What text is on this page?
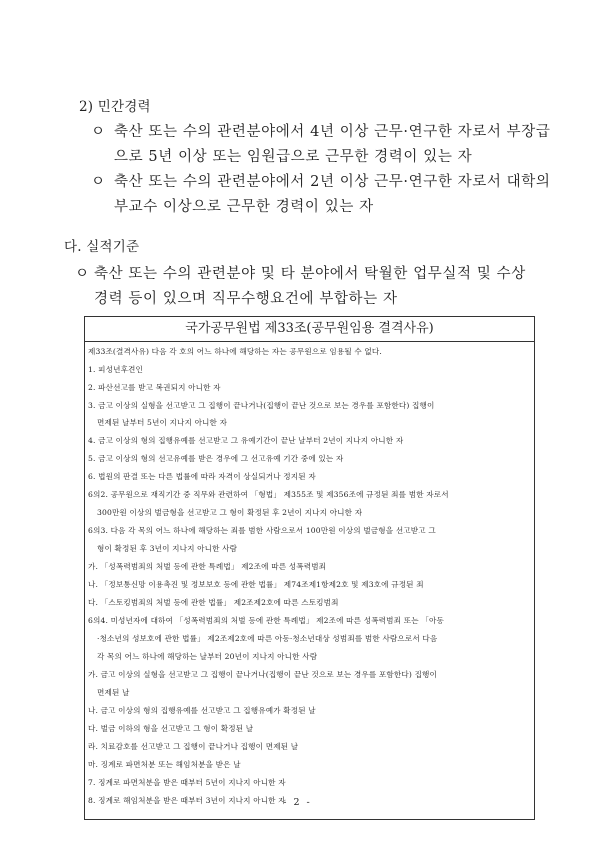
2) 민간경력
ㅇ 축산 또는 수의 관련분야에서 4년 이상 근무·연구한 자로서 부장급
으로 5년 이상 또는 임원급으로 근무한 경력이 있는 자
ㅇ 축산 또는 수의 관련분야에서 2년 이상 근무·연구한 자로서 대학의
부교수 이상으로 근무한 경력이 있는 자
다. 실적기준
ㅇ 축산 또는 수의 관련분야 및 타 분야에서 탁월한 업무실적 및 수상
경력 등이 있으며 직무수행요건에 부합하는 자
국가공무원법 제33조(공무원임용 결격사유)
제33조(결격사유) 다음 각 호의 어느 하나에 해당하는 자는 공무원으로 임용될 수 없다.
1. 피성년후견인
2. 파산선고를 받고 복권되지 아니한 자
3. 금고 이상의 실형을 선고받고 그 집행이 끝나거나(집행이 끝난 것으로 보는 경우를 포함한다) 집행이
면제된 날부터 5년이 지나지 아니한 자
4. 금고 이상의 형의 집행유예를 선고받고 그 유예기간이 끝난 날부터 2년이 지나지 아니한 자
5. 금고 이상의 형의 선고유예를 받은 경우에 그 선고유예 기간 중에 있는 자
6. 법원의 판결 또는 다른 법률에 따라 자격이 상실되거나 정지된 자
6의2. 공무원으로 재직기간 중 직무와 관련하여 「형법」 제355조 및 제356조에 규정된 죄를 범한 자로서
300만원 이상의 벌금형을 선고받고 그 형이 확정된 후 2년이 지나지 아니한 자
6의3. 다음 각 목의 어느 하나에 해당하는 죄를 범한 사람으로서 100만원 이상의 벌금형을 선고받고 그
형이 확정된 후 3년이 지나지 아니한 사람
가. 「성폭력범죄의 처벌 등에 관한 특례법」 제2조에 따른 성폭력범죄
나. 「정보통신망 이용촉진 및 정보보호 등에 관한 법률」 제74조제1항제2호 및 제3호에 규정된 죄
다. 「스토킹범죄의 처벌 등에 관한 법률」 제2조제2호에 따른 스토킹범죄
6의4. 미성년자에 대하여 「성폭력범죄의 처벌 등에 관한 특례법」 제2조에 따른 성폭력범죄 또는 「아동
·청소년의 성보호에 관한 법률」 제2조제2호에 따른 아동·청소년대상 성범죄를 범한 사람으로서 다음
각 목의 어느 하나에 해당하는 날부터 20년이 지나지 아니한 사람
가. 금고 이상의 실형을 선고받고 그 집행이 끝나거나(집행이 끝난 것으로 보는 경우를 포함한다) 집행이
면제된 날
나. 금고 이상의 형의 집행유예를 선고받고 그 집행유예가 확정된 날
다. 벌금 이하의 형을 선고받고 그 형이 확정된 날
라. 치료감호를 선고받고 그 집행이 끝나거나 집행이 면제된 날
마. 징계로 파면처분 또는 해임처분을 받은 날
7. 징계로 파면처분을 받은 때부터 5년이 지나지 아니한 자
8. 징계로 해임처분을 받은 때부터 3년이 지나지 아니한 자
- 2 -
